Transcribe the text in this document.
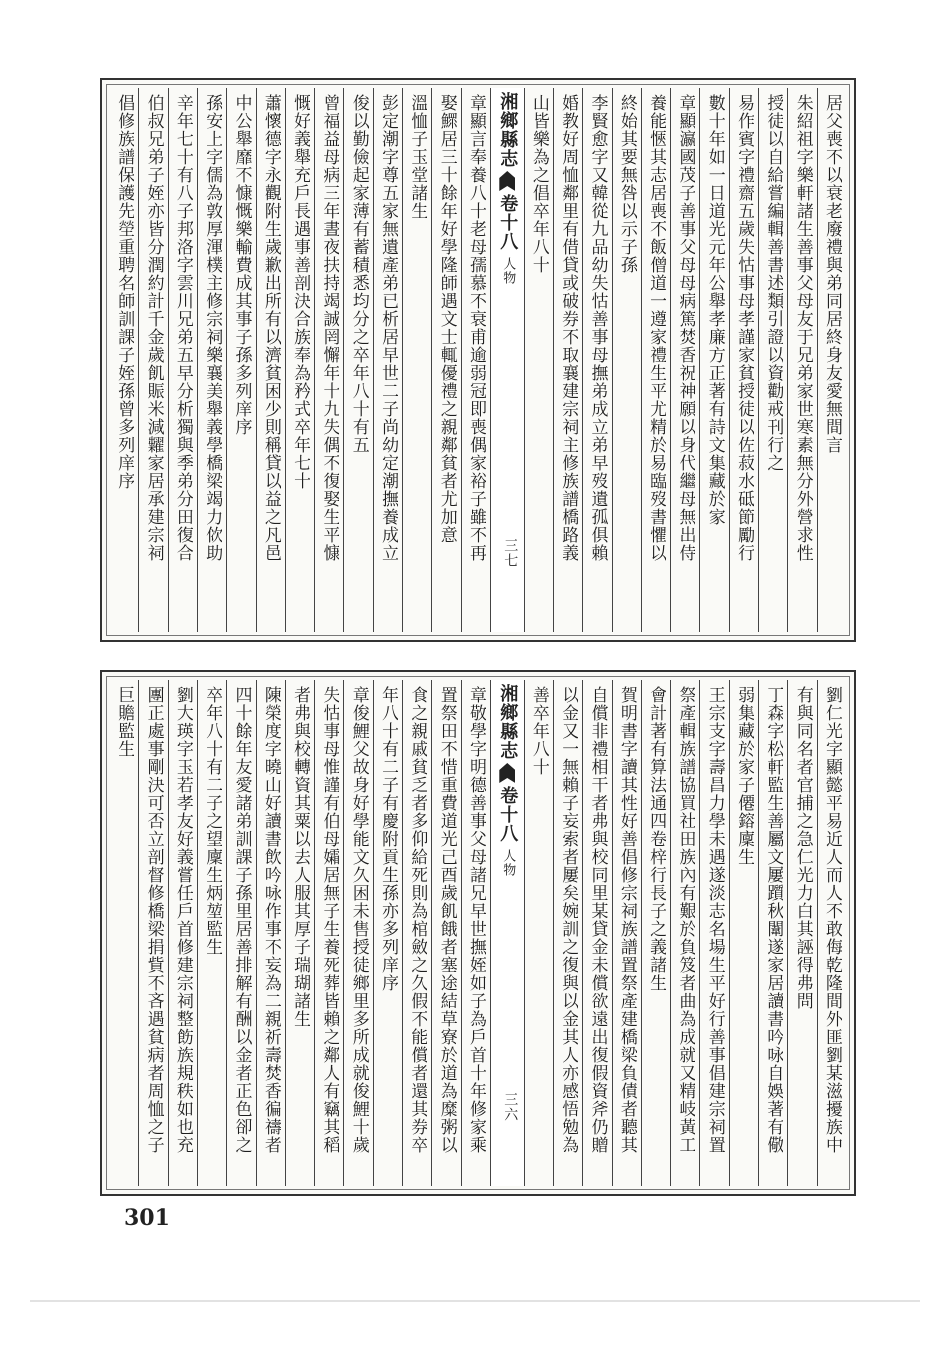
居父喪不以衰老廢禮與弟同居終身友愛無間言
朱紹祖字樂軒諸生善事父母友于兄弟家世寒素無分外營求性
授徒以自給嘗編輯善書述類引證以資勸戒刊行之
易作賓字禮齋五歲失怙事母孝謹家貧授徒以佐菽水砥節勵行
數十年如一日道光元年公舉孝廉方正著有詩文集藏於家
章顯瀛國茂子善事父母母病篤焚香祝神願以身代繼母無出侍
養能愜其志居喪不飯僧道一遵家禮生平尤精於易臨歿書懼以
終始其要無咎以示子孫
李賢愈字又韓從九品幼失怙善事母撫弟成立弟早歿遺孤俱賴
婚教好周恤鄰里有借貸或破券不取襄建宗祠主修族譜橋路義
山皆樂為之倡卒年八十
湘鄉縣志卷十八人物
三七
章顯言奉養八十老母孺慕不衰甫逾弱冠即喪偶家裕子雖不再
娶鰥居三十餘年好學隆師遇文士輒優禮之親鄰貧者尤加意
溫恤子玉堂諸生
彭定潮字尊五家無遺產弟已析居早世二子尚幼定潮撫養成立
俊以勤儉起家薄有蓄積悉均分之卒年八十有五
曾福益母病三年晝夜扶持竭誠罔懈年十九失偶不復娶生平慷
慨好義舉充戶長遇事善剖決合族奉為矜式卒年七十
蕭懷德字永觀附生歲歉出所有以濟貧困少則稱貸以益之凡邑
中公舉靡不慷慨樂輸費成其事子孫多列庠序
孫安上字儒為敦厚渾樸主修宗祠樂襄美舉義學橋梁竭力佽助
辛年七十有八子邦洛字雲川兄弟五早分析獨與季弟分田復合
伯叔兄弟子姪亦皆分潤約計千金歲飢賑米減糶家居承建宗祠
倡修族譜保護先塋重聘名師訓課子姪孫曾多列庠序
劉仁光字顯懿平易近人而人不敢侮乾隆間外匪劉某滋擾族中
有與同名者官捕之急仁光力白其誣得弗問
丁森字松軒監生善屬文屢躓秋闈遂家居讀書吟咏自娛著有儆
弱集藏於家子僊鎔廩生
王宗支字壽昌力學未遇遂淡志名場生平好行善事倡建宗祠置
祭產輯族譜協買社田族內有艱於負笈者曲為成就又精岐黃工
會計著有算法通四卷梓行長子之義諸生
賀明書字讀其性好善倡修宗祠族譜置祭產建橋梁負債者聽其
自償非禮相干者弗與校同里某貸金未償欲遠出復假資斧仍贈
以金又一無賴子妄索者屢矣婉訓之復與以金其人亦感悟勉為
善卒年八十
湘鄉縣志卷十八人物
三六
章敬學字明德善事父母諸兄早世撫姪如子為戶首十年修家乘
置祭田不惜重費道光己酉歲飢餓者塞途結草寮於道為糜粥以
食之親戚貧乏者多仰給死則為棺斂之久假不能償者還其券卒
年八十有二子有慶附貢生孫亦多列庠序
章俊鯉父故身好學能文久困未售授徒鄉里多所成就俊鯉十歲
失怙事母惟謹有伯母孀居無子生養死葬皆賴之鄰人有竊其稻
者弗與校轉資其粟以去人服其厚子瑞瑚諸生
陳榮度字曉山好讀書飲吟咏作事不妄為二親祈壽焚香徧禱者
四十餘年友愛諸弟訓課子孫里居善排解有酬以金者正色卻之
卒年八十有二子之望廩生炳堃監生
劉大瑛字玉若孝友好義嘗任戶首修建宗祠整飭族規秩如也充
團正處事剛決可否立剖督修橋梁捐貲不吝遇貧病者周恤之子
巨贍監生
301
